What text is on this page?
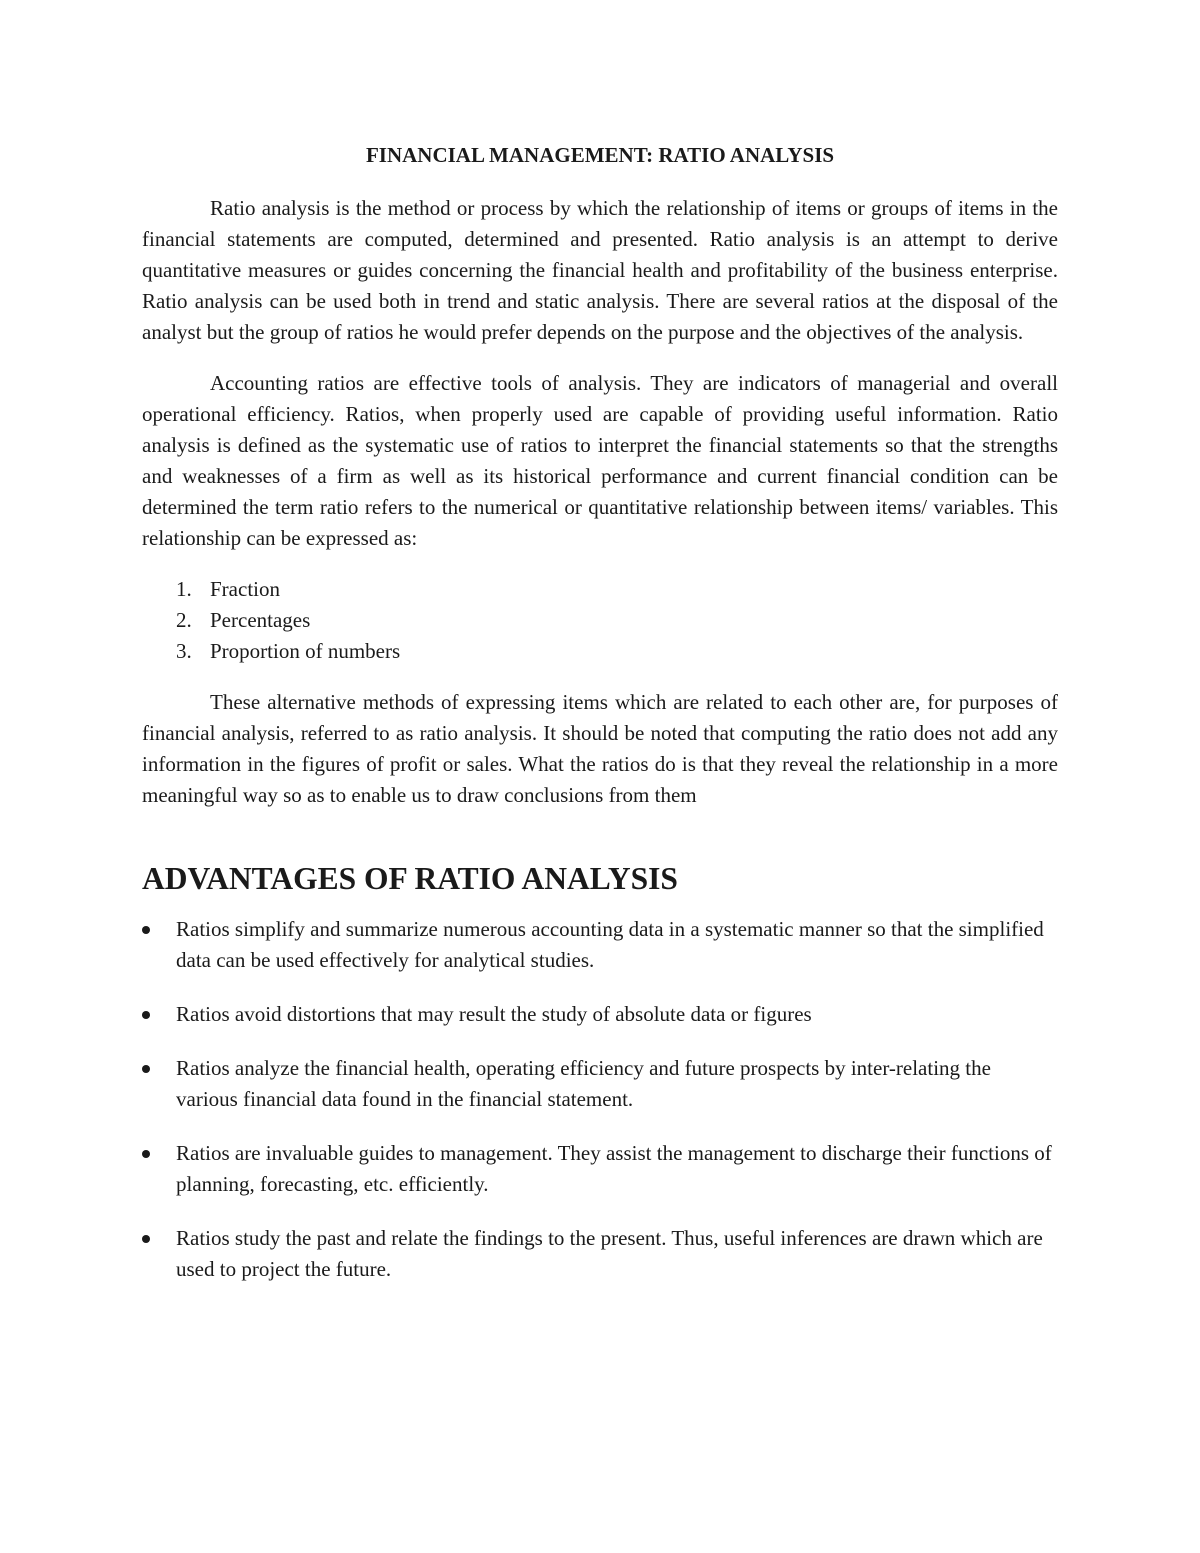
FINANCIAL MANAGEMENT: RATIO ANALYSIS

Ratio analysis is the method or process by which the relationship of items or groups of items in the financial statements are computed, determined and presented. Ratio analysis is an attempt to derive quantitative measures or guides concerning the financial health and profitability of the business enterprise. Ratio analysis can be used both in trend and static analysis. There are several ratios at the disposal of the analyst but the group of ratios he would prefer depends on the purpose and the objectives of the analysis.

Accounting ratios are effective tools of analysis. They are indicators of managerial and overall operational efficiency. Ratios, when properly used are capable of providing useful information. Ratio analysis is defined as the systematic use of ratios to interpret the financial statements so that the strengths and weaknesses of a firm as well as its historical performance and current financial condition can be determined the term ratio refers to the numerical or quantitative relationship between items/ variables. This relationship can be expressed as:

1. Fraction
2. Percentages
3. Proportion of numbers

These alternative methods of expressing items which are related to each other are, for purposes of financial analysis, referred to as ratio analysis. It should be noted that computing the ratio does not add any information in the figures of profit or sales. What the ratios do is that they reveal the relationship in a more meaningful way so as to enable us to draw conclusions from them

ADVANTAGES OF RATIO ANALYSIS
Ratios simplify and summarize numerous accounting data in a systematic manner so that the simplified data can be used effectively for analytical studies.
Ratios avoid distortions that may result the study of absolute data or figures
Ratios analyze the financial health, operating efficiency and future prospects by inter-relating the various financial data found in the financial statement.
Ratios are invaluable guides to management. They assist the management to discharge their functions of planning, forecasting, etc. efficiently.
Ratios study the past and relate the findings to the present. Thus, useful inferences are drawn which are used to project the future.
